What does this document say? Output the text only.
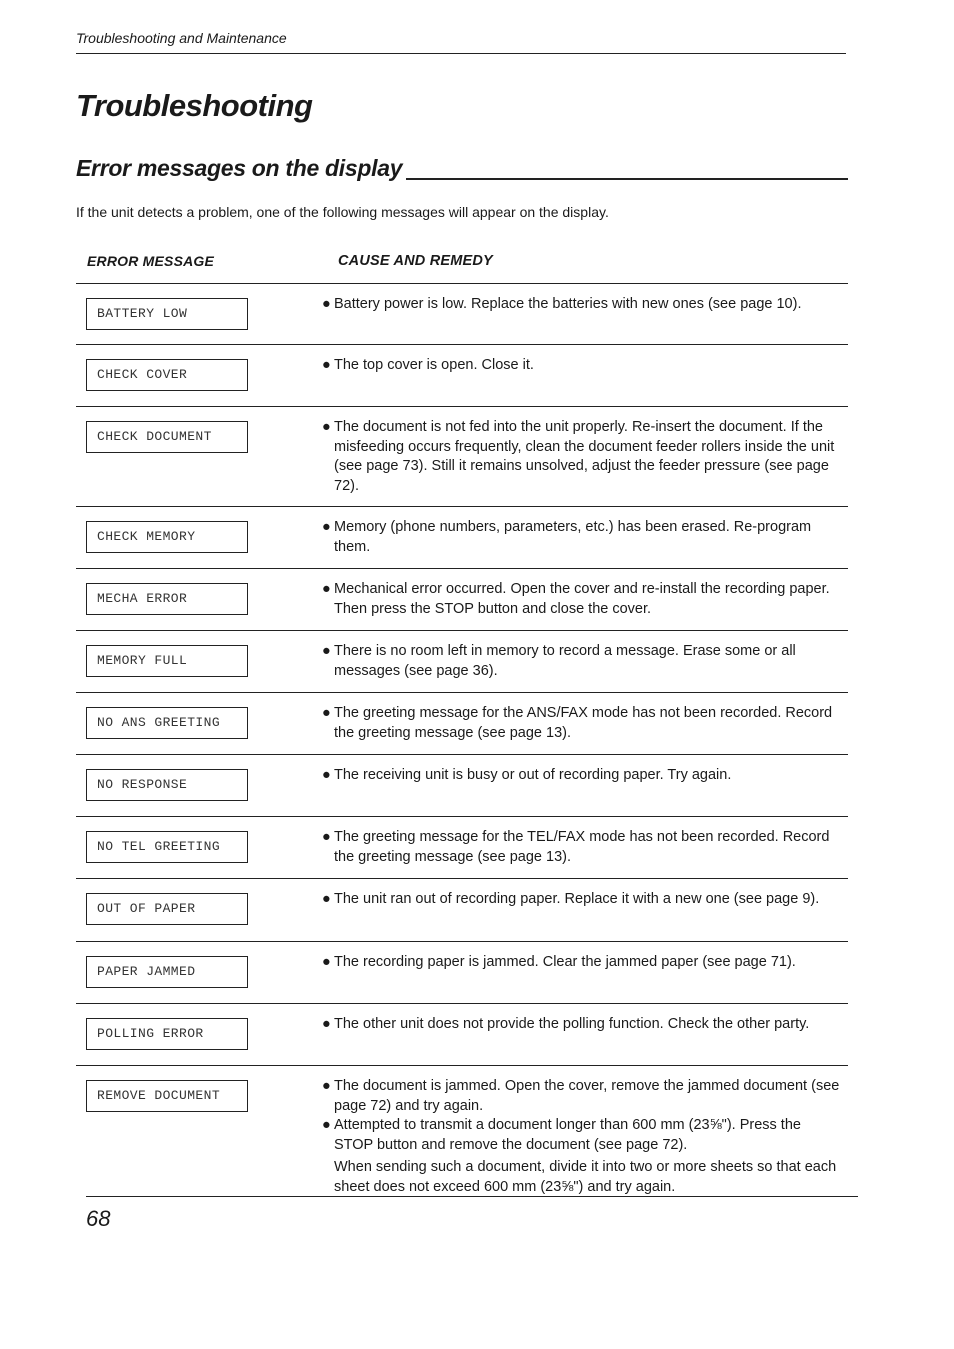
Troubleshooting and Maintenance
Troubleshooting
Error messages on the display

If the unit detects a problem, one of the following messages will appear on the display.

ERROR MESSAGE	CAUSE AND REMEDY
BATTERY LOW
● Battery power is low. Replace the batteries with new ones (see page 10).
CHECK COVER
● The top cover is open. Close it.
CHECK DOCUMENT
● The document is not fed into the unit properly. Re-insert the document. If the misfeeding occurs frequently, clean the document feeder rollers inside the unit (see page 73). Still it remains unsolved, adjust the feeder pressure (see page 72).
CHECK MEMORY
● Memory (phone numbers, parameters, etc.) has been erased. Re-program them.
MECHA ERROR
● Mechanical error occurred. Open the cover and re-install the recording paper. Then press the STOP button and close the cover.
MEMORY FULL
● There is no room left in memory to record a message. Erase some or all messages (see page 36).
NO ANS GREETING
● The greeting message for the ANS/FAX mode has not been recorded. Record the greeting message (see page 13).
NO RESPONSE
● The receiving unit is busy or out of recording paper. Try again.
NO TEL GREETING
● The greeting message for the TEL/FAX mode has not been recorded. Record the greeting message (see page 13).
OUT OF PAPER
● The unit ran out of recording paper. Replace it with a new one (see page 9).
PAPER JAMMED
● The recording paper is jammed. Clear the jammed paper (see page 71).
POLLING ERROR
● The other unit does not provide the polling function. Check the other party.
REMOVE DOCUMENT
● The document is jammed. Open the cover, remove the jammed document (see page 72) and try again.
● Attempted to transmit a document longer than 600 mm (23⅝"). Press the STOP button and remove the document (see page 72).
When sending such a document, divide it into two or more sheets so that each sheet does not exceed 600 mm (23⅝") and try again.
68
